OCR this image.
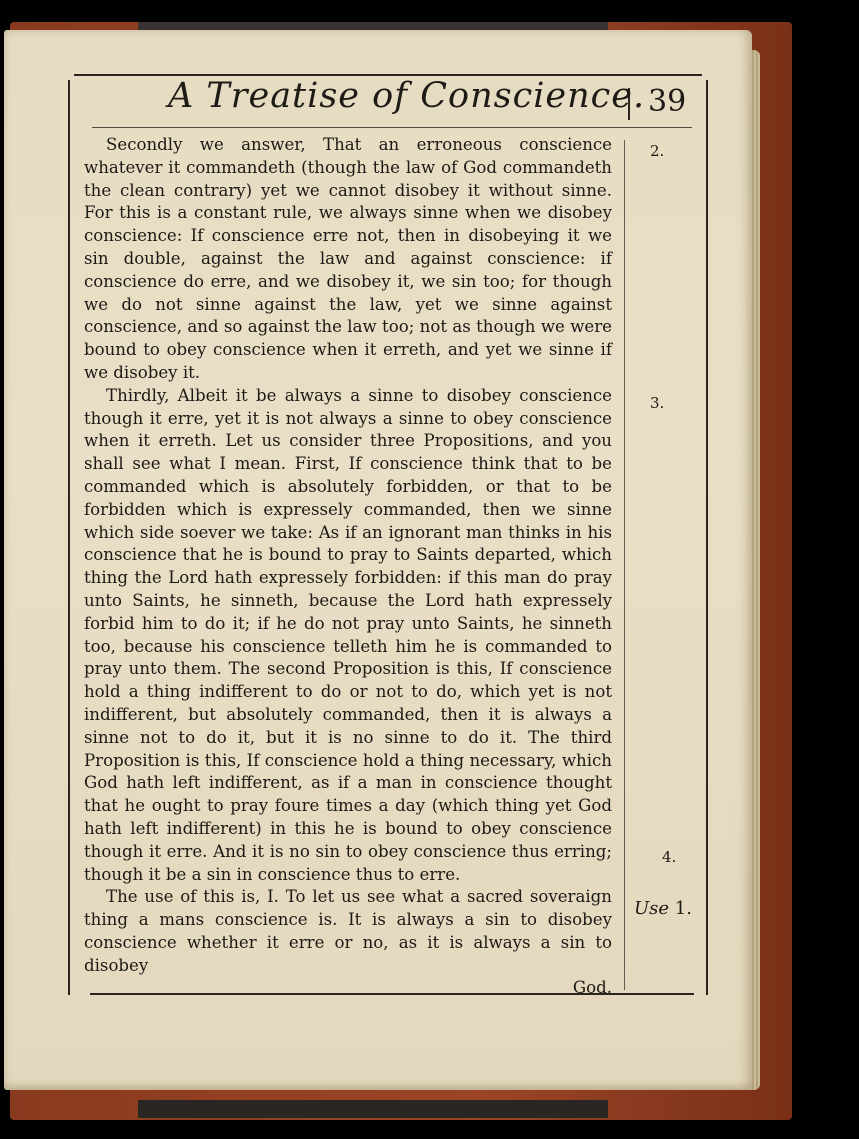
A Treatise of Conscience. 39

Secondly we answer, That an erroneous conscience whatever it commandeth (though the law of God commandeth the clean contrary) yet we cannot disobey it without sinne. For this is a constant rule, we always sinne when we disobey conscience: If conscience erre not, then in disobeying it we sin double, against the law and against conscience: if conscience do erre, and we disobey it, we sin too; for though we do not sinne against the law, yet we sinne against conscience, and so against the law too; not as though we were bound to obey conscience when it erreth, and yet we sinne if we disobey it.

Thirdly, Albeit it be always a sinne to disobey conscience though it erre, yet it is not always a sinne to obey conscience when it erreth. Let us consider three Propositions, and you shall see what I mean. First, If conscience think that to be commanded which is absolutely forbidden, or that to be forbidden which is expressely commanded, then we sinne which side soever we take: As if an ignorant man thinks in his conscience that he is bound to pray to Saints departed, which thing the Lord hath expressely forbidden: if this man do pray unto Saints, he sinneth, because the Lord hath expressely forbid him to do it; if he do not pray unto Saints, he sinneth too, because his conscience telleth him he is commanded to pray unto them. The second Proposition is this, If conscience hold a thing indifferent to do or not to do, which yet is not indifferent, but absolutely commanded, then it is always a sinne not to do it, but it is no sinne to do it. The third Proposition is this, If conscience hold a thing necessary, which God hath left indifferent, as if a man in conscience thought that he ought to pray foure times a day (which thing yet God hath left indifferent) in this he is bound to obey conscience though it erre. And it is no sin to obey conscience thus erring; though it be a sin in conscience thus to erre.

The use of this is, I. To let us see what a sacred soveraign thing a mans conscience is. It is always a sin to disobey conscience whether it erre or no, as it is always a sin to disobey

God.

2.
3.
4.
Use 1.
